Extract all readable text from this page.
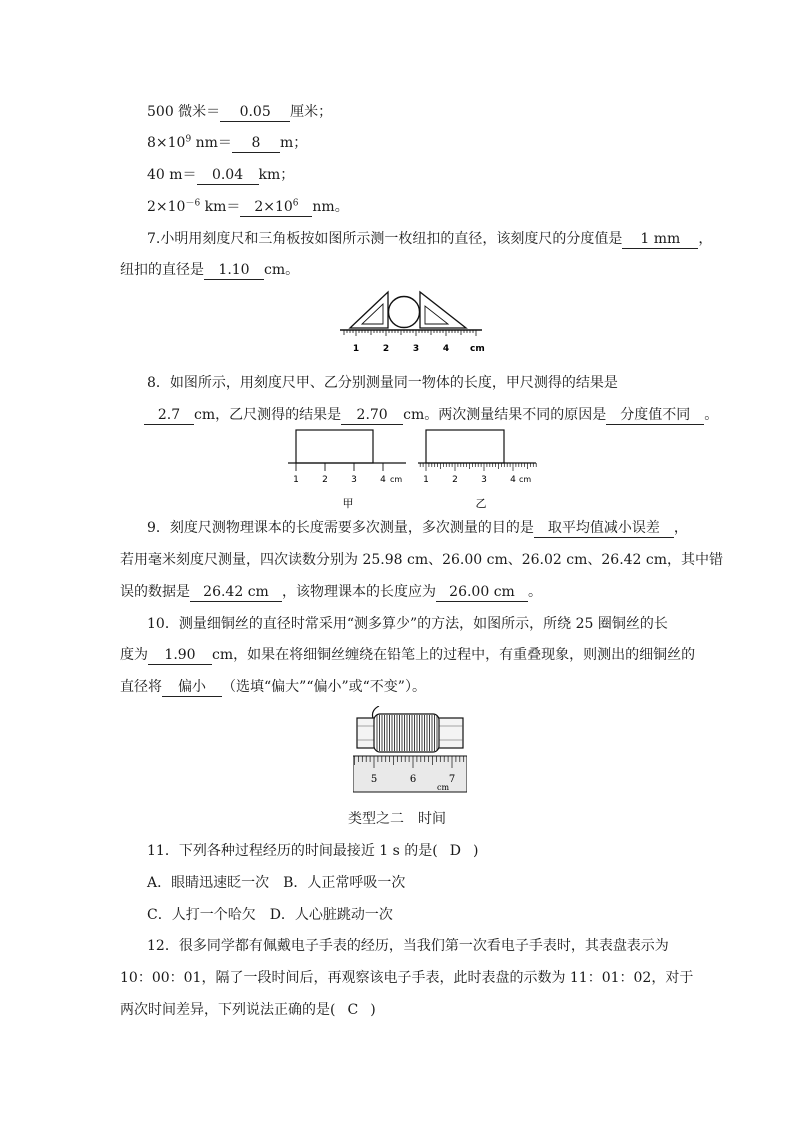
500 微米＝ 0.05 厘米；
$8\times 10^9$ nm＝ 8 m；
40 m＝ 0.04 km；
$2\times 10^{-6}$ $km= 2\times 10^6$ nm。
7.小明用刻度尺和三角板按如图所示测一枚纽扣的直径，该刻度尺的分度值是 1 mm ，
纽扣的直径是 1.10 cm。
1	2	3	4 cm
8．如图所示，用刻度尺甲、乙分别测量同一物体的长度，甲尺测得的结果是
2.7 cm，乙尺测得的结果是 2.70 cm。两次测量结果不同的原因是 分度值不同 。
1	2	3	4 cm
甲
1	2	3	4 cm
乙
9．刻度尺测物理课本的长度需要多次测量，多次测量的目的是 取平均值减小误差 ，
若用毫米刻度尺测量，四次读数分别为 25.98 cm、26.00 cm、26.02 cm、26.42 cm，其中错
误的数据是 26.42 cm ，该物理课本的长度应为 26.00 cm 。
10．测量细铜丝的直径时常采用“测多算少”的方法，如图所示，所绕 25 圈铜丝的长
度为 1.90 cm，如果在将细铜丝缠绕在铅笔上的过程中，有重叠现象，则测出的细铜丝的
直径将 偏小 （选填“偏大”“偏小”或“不变”）。
5	6	7
cm
类型之二　时间
11．下列各种过程经历的时间最接近 1 s 的是( D )
A．眼睛迅速眨一次　B．人正常呼吸一次
C．人打一个哈欠　D．人心脏跳动一次
12．很多同学都有佩戴电子手表的经历，当我们第一次看电子手表时，其表盘表示为
10：00：01，隔了一段时间后，再观察该电子手表，此时表盘的示数为 11：01：02，对于
两次时间差异，下列说法正确的是( C )
